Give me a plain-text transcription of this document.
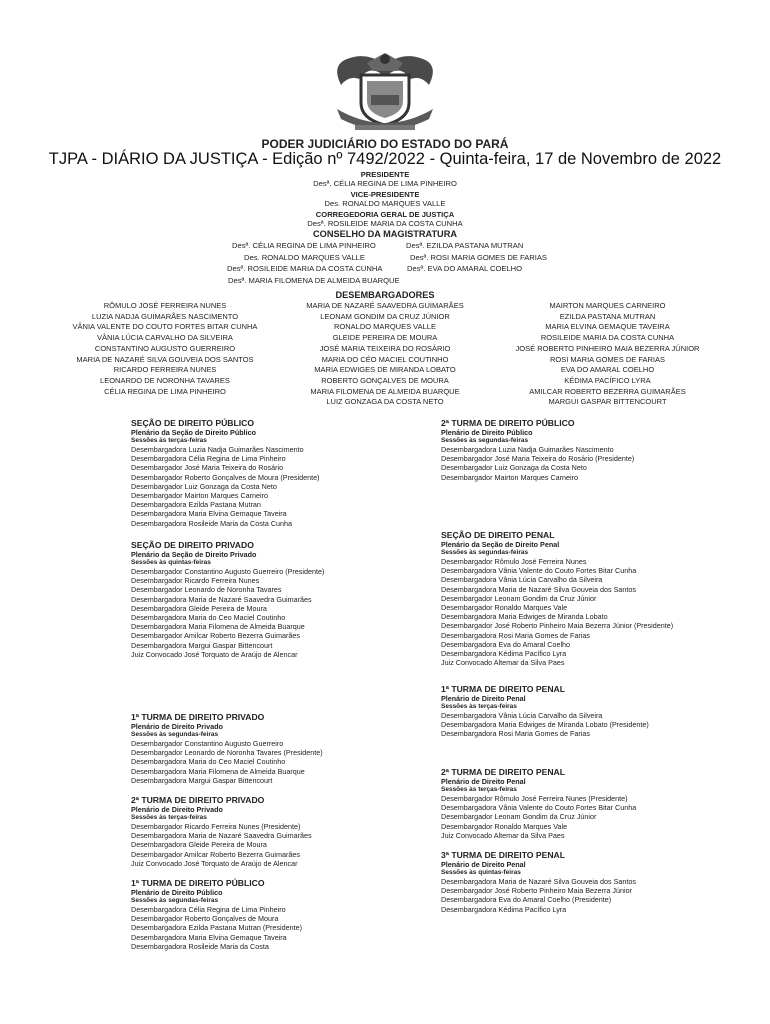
PODER JUDICIÁRIO DO ESTADO DO PARÁ
TJPA - DIÁRIO DA JUSTIÇA - Edição nº 7492/2022 - Quinta-feira, 17 de Novembro de 2022
PRESIDENTE
Desª. CÉLIA REGINA DE LIMA PINHEIRO
VICE-PRESIDENTE
Des. RONALDO MARQUES VALLE
CORREGEDORIA GERAL DE JUSTIÇA
Desª. ROSILEIDE MARIA DA COSTA CUNHA
CONSELHO DA MAGISTRATURA
Desª. CÉLIA REGINA DE LIMA PINHEIRO	Desª. EZILDA PASTANA MUTRAN
Des. RONALDO MARQUES VALLE	Desª. ROSI MARIA GOMES DE FARIAS
Desª. ROSILEIDE MARIA DA COSTA CUNHA	Desª. EVA DO AMARAL COELHO
Desª. MARIA FILOMENA DE ALMEIDA BUARQUE
DESEMBARGADORES
RÔMULO JOSÉ FERREIRA NUNES
LUZIA NADJA GUIMARÃES NASCIMENTO
VÂNIA VALENTE DO COUTO FORTES BITAR CUNHA
VÂNIA LÚCIA CARVALHO DA SILVEIRA
CONSTANTINO AUGUSTO GUERREIRO
MARIA DE NAZARÉ SILVA GOUVEIA DOS SANTOS
RICARDO FERREIRA NUNES
LEONARDO DE NORONHA TAVARES
CÉLIA REGINA DE LIMA PINHEIRO
MARIA DE NAZARÉ SAAVEDRA GUIMARÃES
LEONAM GONDIM DA CRUZ JÚNIOR
RONALDO MARQUES VALLE
GLEIDE PEREIRA DE MOURA
JOSÉ MARIA TEIXEIRA DO ROSÁRIO
MARIA DO CÉO MACIEL COUTINHO
MARIA EDWIGES DE MIRANDA LOBATO
ROBERTO GONÇALVES DE MOURA
MARIA FILOMENA DE ALMEIDA BUARQUE
LUIZ GONZAGA DA COSTA NETO
MAIRTON MARQUES CARNEIRO
EZILDA PASTANA MUTRAN
MARIA ELVINA GEMAQUE TAVEIRA
ROSILEIDE MARIA DA COSTA CUNHA
JOSÉ ROBERTO PINHEIRO MAIA BEZERRA JÚNIOR
ROSI MARIA GOMES DE FARIAS
EVA DO AMARAL COELHO
KÉDIMA PACÍFICO LYRA
AMILCAR ROBERTO BEZERRA GUIMARÃES
MARGUI GASPAR BITTENCOURT
SEÇÃO DE DIREITO PÚBLICO
Plenário da Seção de Direito Público
Sessões às terças-feiras
Desembargadora Luzia Nadja Guimarães Nascimento
Desembargadora Célia Regina de Lima Pinheiro
Desembargador José Maria Teixeira do Rosário
Desembargador Roberto Gonçalves de Moura (Presidente)
Desembargador Luiz Gonzaga da Costa Neto
Desembargador Mairton Marques Carneiro
Desembargadora Ezilda Pastana Mutran
Desembargadora Maria Elvina Gemaque Taveira
Desembargadora Rosileide Maria da Costa Cunha
SEÇÃO DE DIREITO PRIVADO
Plenário da Seção de Direito Privado
Sessões às quintas-feiras
Desembargador Constantino Augusto Guerreiro (Presidente)
Desembargador Ricardo Ferreira Nunes
Desembargador Leonardo de Noronha Tavares
Desembargadora Maria de Nazaré Saavedra Guimarães
Desembargadora Gleide Pereira de Moura
Desembargadora Maria do Ceo Maciel Coutinho
Desembargadora Maria Filomena de Almeida Buarque
Desembargador Amilcar Roberto Bezerra Guimarães
Desembargadora Margui Gaspar Bittencourt
Juiz Convocado José Torquato de Araújo de Alencar
1ª TURMA DE DIREITO PRIVADO
Plenário de Direito Privado
Sessões às segundas-feiras
Desembargador Constantino Augusto Guerreiro
Desembargador Leonardo de Noronha Tavares (Presidente)
Desembargadora Maria do Ceo Maciel Coutinho
Desembargadora Maria Filomena de Almeida Buarque
Desembargadora Margui Gaspar Bittencourt
2ª TURMA DE DIREITO PRIVADO
Plenário de Direito Privado
Sessões às terças-feiras
Desembargador Ricardo Ferreira Nunes (Presidente)
Desembargadora Maria de Nazaré Saavedra Guimarães
Desembargadora Gleide Pereira de Moura
Desembargador Amilcar Roberto Bezerra Guimarães
Juiz Convocado José Torquato de Araújo de Alencar
1ª TURMA DE DIREITO PÚBLICO
Plenário de Direito Público
Sessões às segundas-feiras
Desembargadora Célia Regina de Lima Pinheiro
Desembargador Roberto Gonçalves de Moura
Desembargadora Ezilda Pastana Mutran (Presidente)
Desembargadora Maria Elvina Gemaque Taveira
Desembargadora Rosileide Maria da Costa
2ª TURMA DE DIREITO PÚBLICO
Plenário de Direito Público
Sessões às segundas-feiras
Desembargadora Luzia Nadja Guimarães Nascimento
Desembargador José Maria Teixeira do Rosário (Presidente)
Desembargador Luiz Gonzaga da Costa Neto
Desembargador Mairton Marques Carneiro
SEÇÃO DE DIREITO PENAL
Plenário da Seção de Direito Penal
Sessões às segundas-feiras
Desembargador Rômulo José Ferreira Nunes
Desembargadora Vânia Valente do Couto Fortes Bitar Cunha
Desembargadora Vânia Lúcia Carvalho da Silveira
Desembargadora Maria de Nazaré Silva Gouveia dos Santos
Desembargador Leonam Gondim da Cruz Júnior
Desembargador Ronaldo Marques Vale
Desembargadora Maria Edwiges de Miranda Lobato
Desembargador José Roberto Pinheiro Maia Bezerra Júnior (Presidente)
Desembargadora Rosi Maria Gomes de Farias
Desembargadora Eva do Amaral Coelho
Desembargadora Kédima Pacífico Lyra
Juiz Convocado Altemar da Silva Paes
1ª TURMA DE DIREITO PENAL
Plenário de Direito Penal
Sessões às terças-feiras
Desembargadora Vânia Lúcia Carvalho da Silveira
Desembargadora Maria Edwiges de Miranda Lobato (Presidente)
Desembargadora Rosi Maria Gomes de Farias
2ª TURMA DE DIREITO PENAL
Plenário de Direito Penal
Sessões às terças-feiras
Desembargador Rômulo José Ferreira Nunes (Presidente)
Desembargadora Vânia Valente do Couto Fortes Bitar Cunha
Desembargador Leonam Gondim da Cruz Júnior
Desembargador Ronaldo Marques Vale
Juiz Convocado Altemar da Silva Paes
3ª TURMA DE DIREITO PENAL
Plenário de Direito Penal
Sessões às quintas-feiras
Desembargadora Maria de Nazaré Silva Gouveia dos Santos
Desembargador José Roberto Pinheiro Maia Bezerra Júnior
Desembargadora Eva do Amaral Coelho (Presidente)
Desembargadora Kédima Pacífico Lyra
